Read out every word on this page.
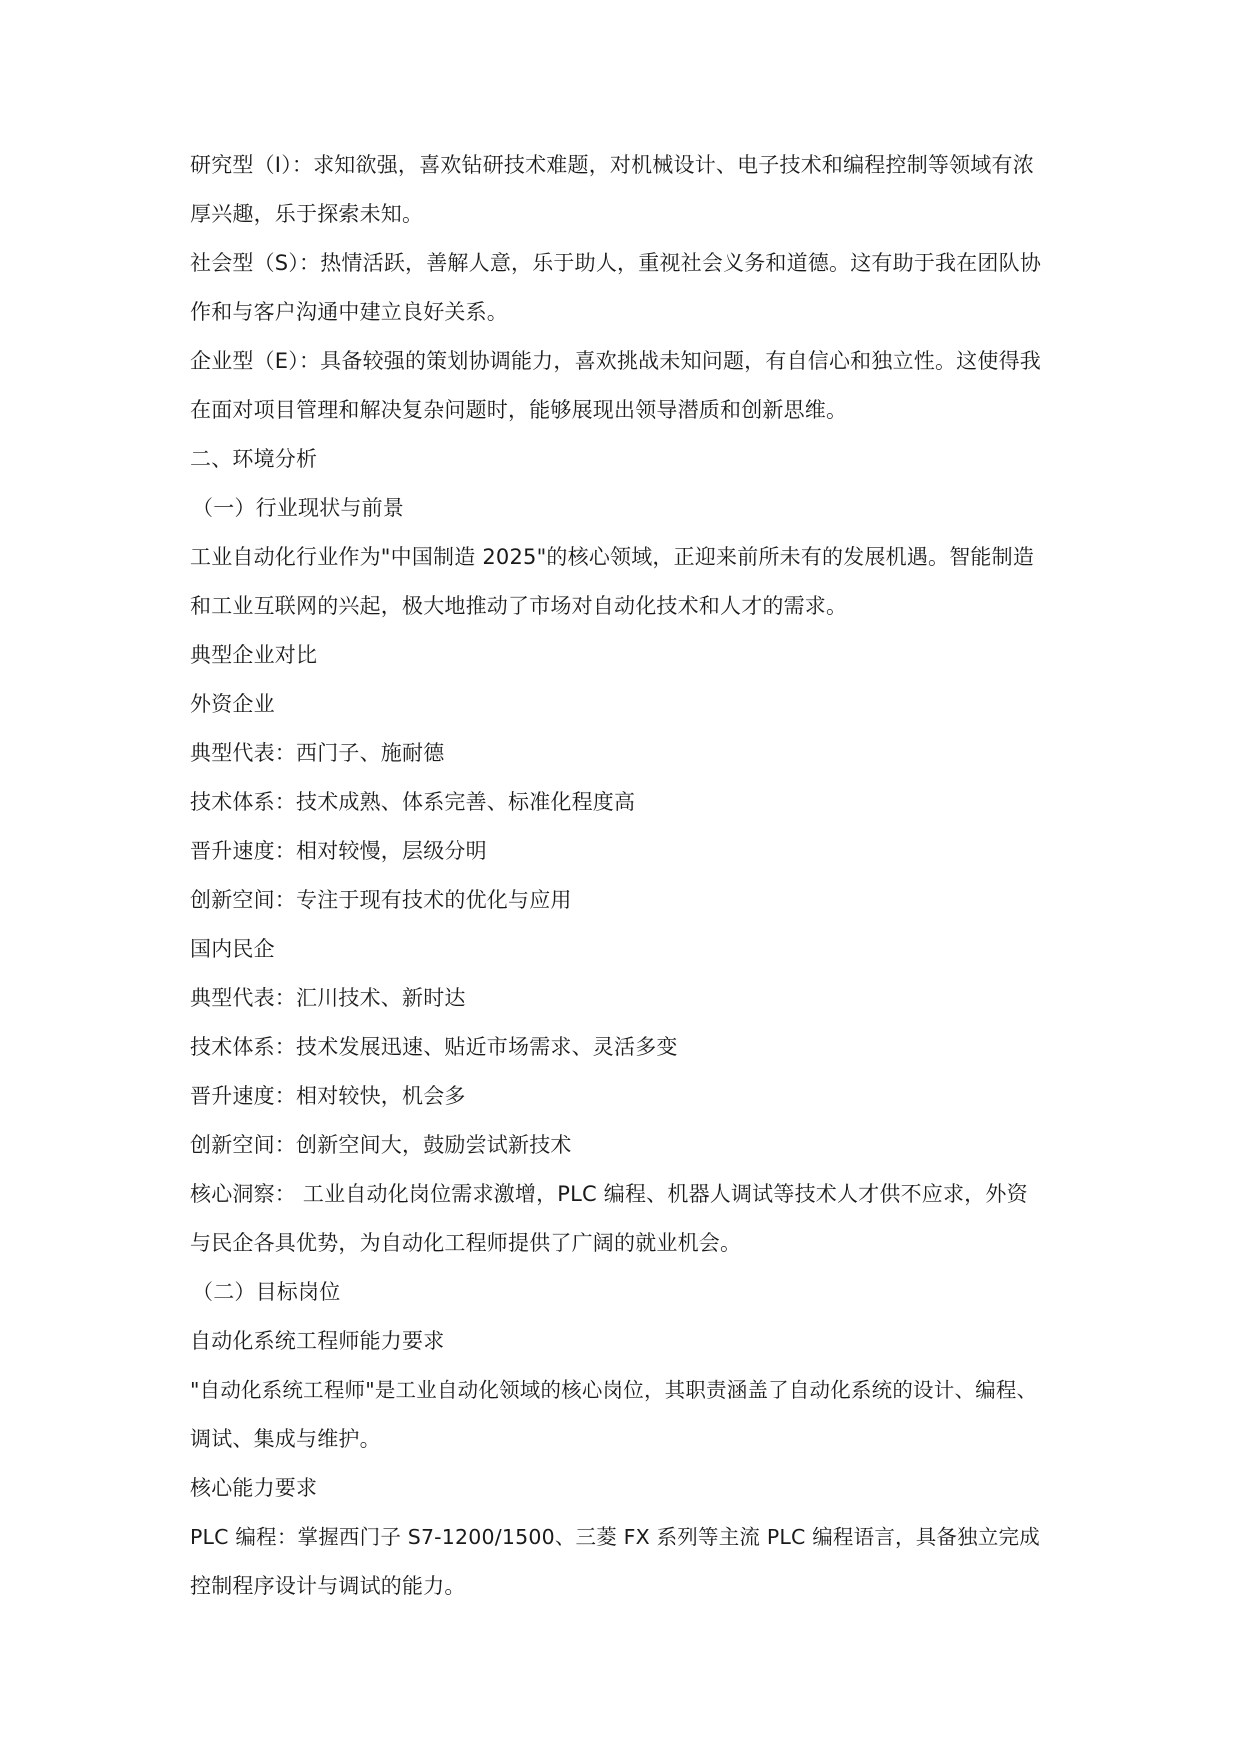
研究型（I）：求知欲强，喜欢钻研技术难题，对机械设计、电子技术和编程控制等领域有浓
厚兴趣，乐于探索未知。
社会型（S）：热情活跃，善解人意，乐于助人，重视社会义务和道德。这有助于我在团队协
作和与客户沟通中建立良好关系。
企业型（E）：具备较强的策划协调能力，喜欢挑战未知问题，有自信心和独立性。这使得我
在面对项目管理和解决复杂问题时，能够展现出领导潜质和创新思维。
二、环境分析
（一）行业现状与前景
工业自动化行业作为"中国制造 2025"的核心领域，正迎来前所未有的发展机遇。智能制造
和工业互联网的兴起，极大地推动了市场对自动化技术和人才的需求。
典型企业对比
外资企业
典型代表：西门子、施耐德
技术体系：技术成熟、体系完善、标准化程度高
晋升速度：相对较慢，层级分明
创新空间：专注于现有技术的优化与应用
国内民企
典型代表：汇川技术、新时达
技术体系：技术发展迅速、贴近市场需求、灵活多变
晋升速度：相对较快，机会多
创新空间：创新空间大，鼓励尝试新技术
核心洞察： 工业自动化岗位需求激增，PLC 编程、机器人调试等技术人才供不应求，外资
与民企各具优势，为自动化工程师提供了广阔的就业机会。
（二）目标岗位
自动化系统工程师能力要求
"自动化系统工程师"是工业自动化领域的核心岗位，其职责涵盖了自动化系统的设计、编程、
调试、集成与维护。
核心能力要求
PLC 编程：掌握西门子 S7-1200/1500、三菱 FX 系列等主流 PLC 编程语言，具备独立完成
控制程序设计与调试的能力。
